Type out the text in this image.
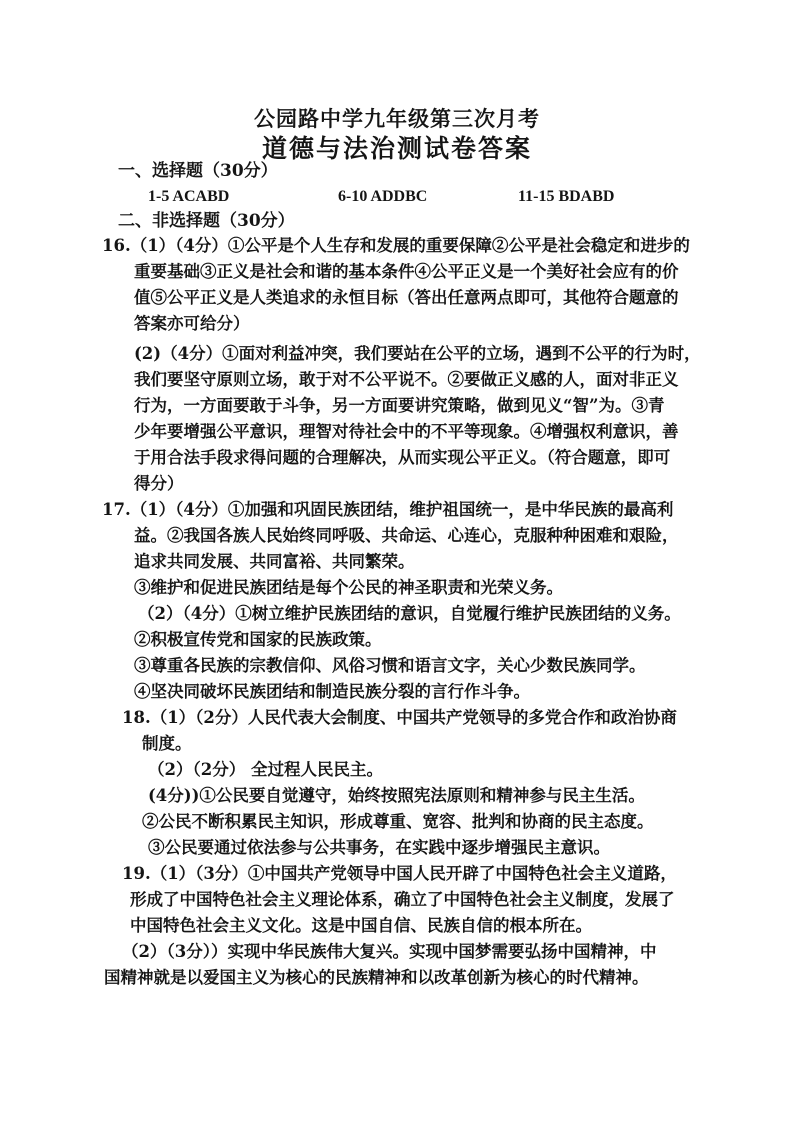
公园路中学九年级第三次月考
道德与法治测试卷答案
一、选择题（30分）
1-5 ACABD	6-10 ADDBC	11-15 BDABD
二、非选择题（30分）
16.（1）（4分）①公平是个人生存和发展的重要保障②公平是社会稳定和进步的
重要基础③正义是社会和谐的基本条件④公平正义是一个美好社会应有的价
值⑤公平正义是人类追求的永恒目标（答出任意两点即可，其他符合题意的
答案亦可给分）
(2)（4分）①面对利益冲突，我们要站在公平的立场，遇到不公平的行为时，
我们要坚守原则立场，敢于对不公平说不。②要做正义感的人，面对非正义
行为，一方面要敢于斗争，另一方面要讲究策略，做到见义“智”为。③青
少年要增强公平意识，理智对待社会中的不平等现象。④增强权利意识，善
于用合法手段求得问题的合理解决，从而实现公平正义。（符合题意，即可
得分）
17.（1）（4分）①加强和巩固民族团结，维护祖国统一，是中华民族的最高利
益。②我国各族人民始终同呼吸、共命运、心连心，克服种种困难和艰险，
追求共同发展、共同富裕、共同繁荣。
③维护和促进民族团结是每个公民的神圣职责和光荣义务。
（2）（4分）①树立维护民族团结的意识，自觉履行维护民族团结的义务。
②积极宣传党和国家的民族政策。
③尊重各民族的宗教信仰、风俗习惯和语言文字，关心少数民族同学。
④坚决同破坏民族团结和制造民族分裂的言行作斗争。
18.（1）（2分）人民代表大会制度、中国共产党领导的多党合作和政治协商
制度。
（2）（2分） 全过程人民民主。
(4分))①公民要自觉遵守，始终按照宪法原则和精神参与民主生活。
②公民不断积累民主知识，形成尊重、宽容、批判和协商的民主态度。
③公民要通过依法参与公共事务，在实践中逐步增强民主意识。
19.（1）（3分）①中国共产党领导中国人民开辟了中国特色社会主义道路，
形成了中国特色社会主义理论体系，确立了中国特色社会主义制度，发展了
中国特色社会主义文化。这是中国自信、民族自信的根本所在。
（2）（3分））实现中华民族伟大复兴。实现中国梦需要弘扬中国精神，中
国精神就是以爱国主义为核心的民族精神和以改革创新为核心的时代精神。
